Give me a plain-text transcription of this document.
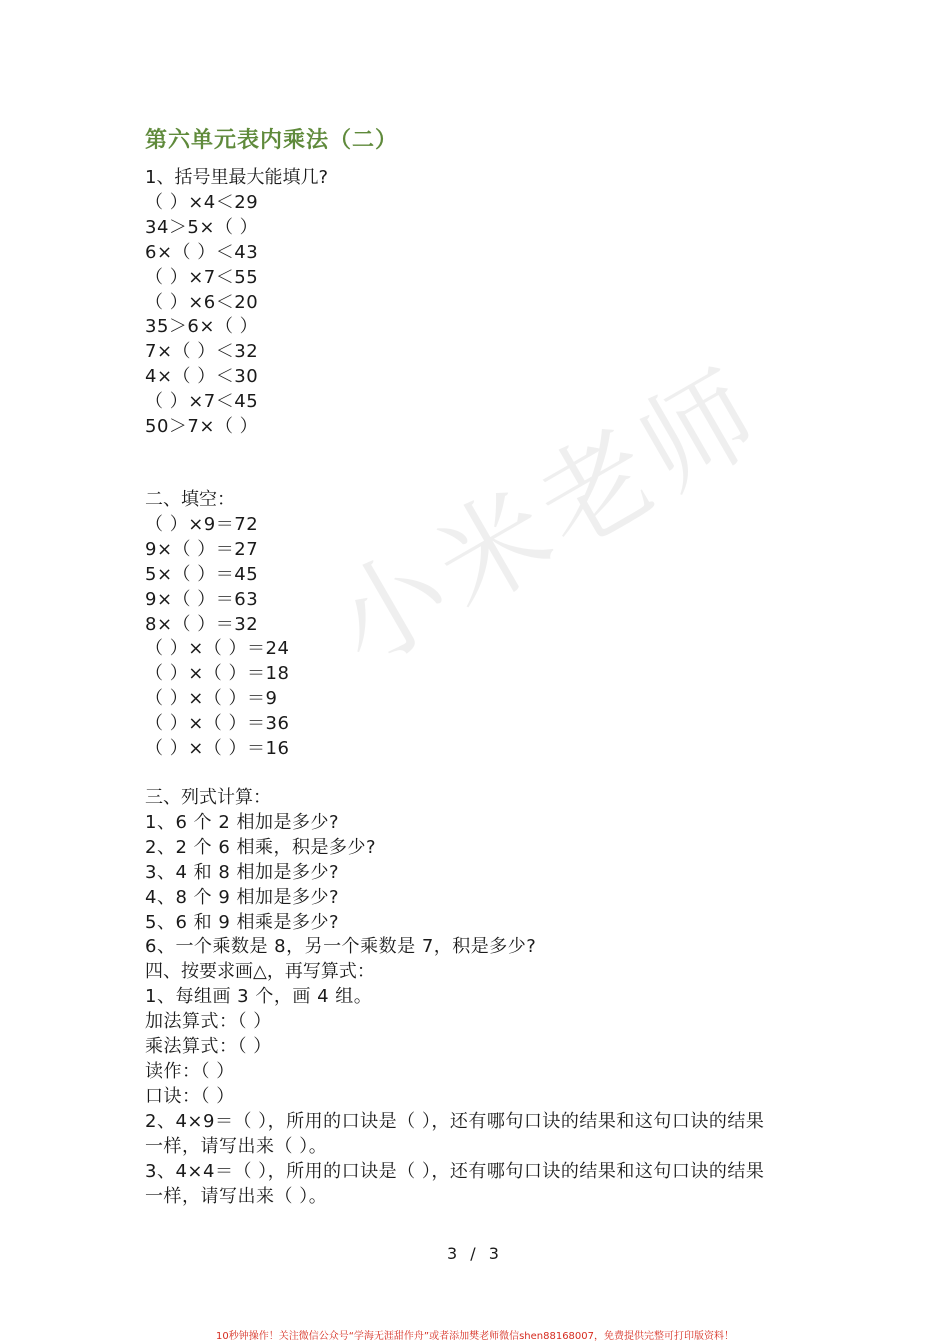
第六单元表内乘法（二）
1、括号里最大能填几?
（ ）×4＜29
34＞5×（ ）
6×（ ）＜43
（ ）×7＜55
（ ）×6＜20
35＞6×（ ）
7×（ ）＜32
4×（ ）＜30
（ ）×7＜45
50＞7×（ ）
二、填空：
（ ）×9＝72
9×（ ）＝27
5×（ ）＝45
9×（ ）＝63
8×（ ）＝32
（ ）×（ ）＝24
（ ）×（ ）＝18
（ ）×（ ）＝9
（ ）×（ ）＝36
（ ）×（ ）＝16
三、列式计算：
1、6 个 2 相加是多少?
2、2 个 6 相乘，积是多少?
3、4 和 8 相加是多少?
4、8 个 9 相加是多少?
5、6 和 9 相乘是多少?
6、一个乘数是 8，另一个乘数是 7，积是多少?
四、按要求画△，再写算式：
1、每组画 3 个，画 4 组。
加法算式：（ ）
乘法算式：（ ）
读作：（ ）
口诀：（ ）
2、4×9＝（ ），所用的口诀是（ ），还有哪句口诀的结果和这句口诀的结果
一样，请写出来（ ）。
3、4×4＝（ ），所用的口诀是（ ），还有哪句口诀的结果和这句口诀的结果
一样，请写出来（ ）。
小米老师
3 / 3
10秒钟操作！关注微信公众号“学海无涯甜作舟”或者添加樊老师微信shen88168007，免费提供完整可打印版资料！
